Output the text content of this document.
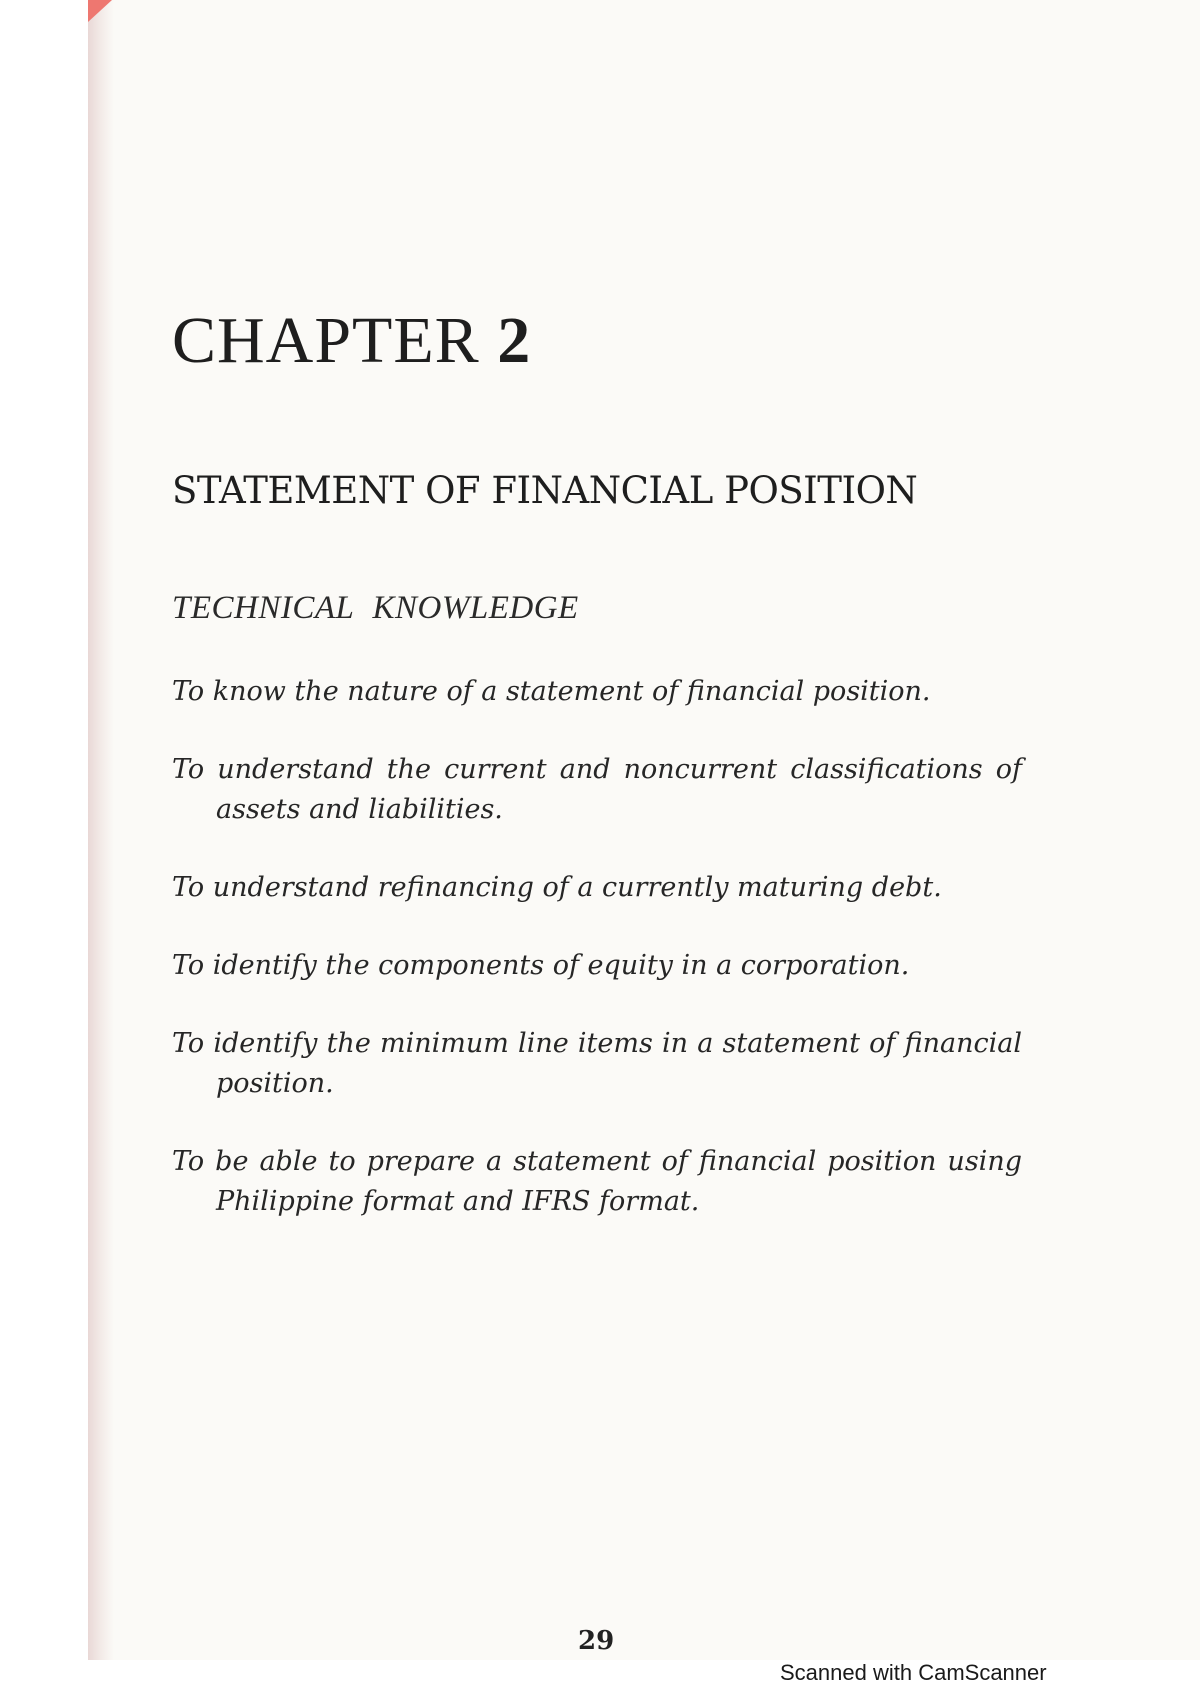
CHAPTER 2
STATEMENT OF FINANCIAL POSITION
TECHNICAL KNOWLEDGE
To know the nature of a statement of financial position.
To understand the current and noncurrent classifications of assets and liabilities.
To understand refinancing of a currently maturing debt.
To identify the components of equity in a corporation.
To identify the minimum line items in a statement of financial position.
To be able to prepare a statement of financial position using Philippine format and IFRS format.
29
Scanned with CamScanner
